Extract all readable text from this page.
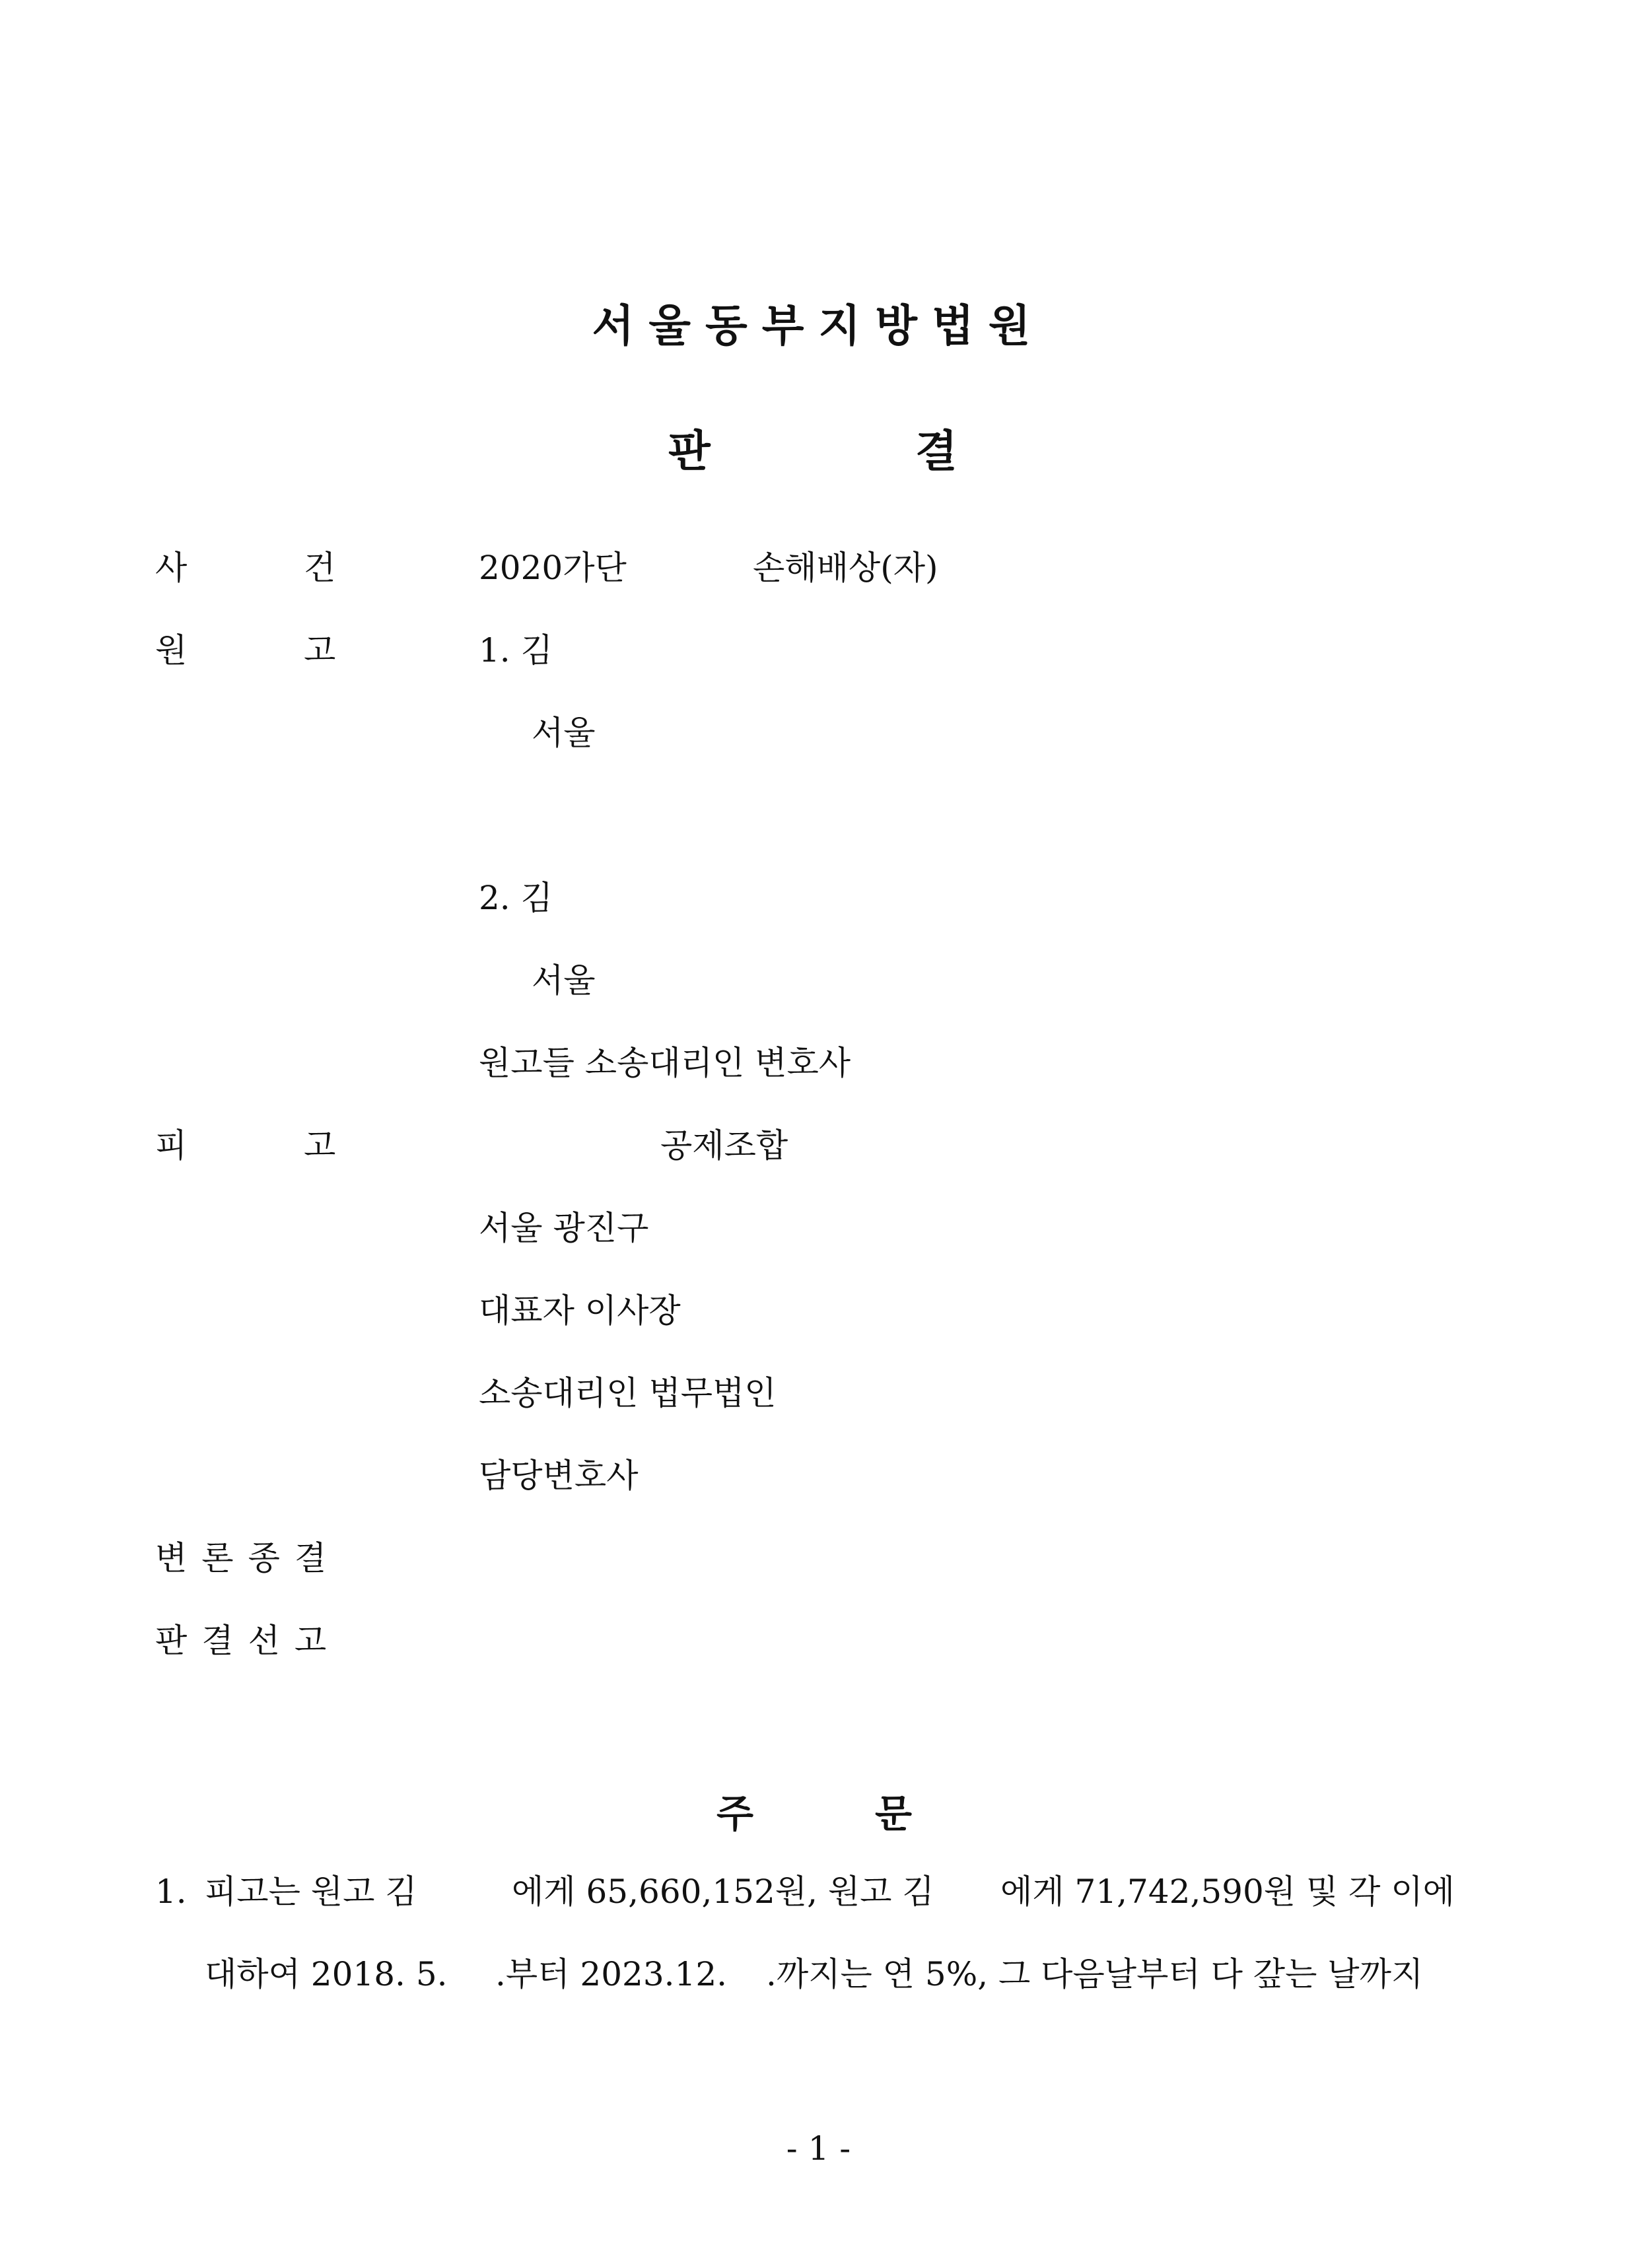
서울동부지방법원
판	결
사	건	2020가단	손해배상(자)
원	고	1. 김
서울
2. 김
서울
원고들 소송대리인 변호사
피	고	공제조합
서울 광진구
대표자 이사장
소송대리인 법무법인
담당변호사
변론종결
판결선고
주	문
1. 피고는 원고 김	에게 65,660,152원, 원고 김 에게 71,742,590원 및 각 이에
대하여 2018. 5. .부터 2023.12. .까지는 연 5%, 그 다음날부터 다 갚는 날까지
- 1 -
